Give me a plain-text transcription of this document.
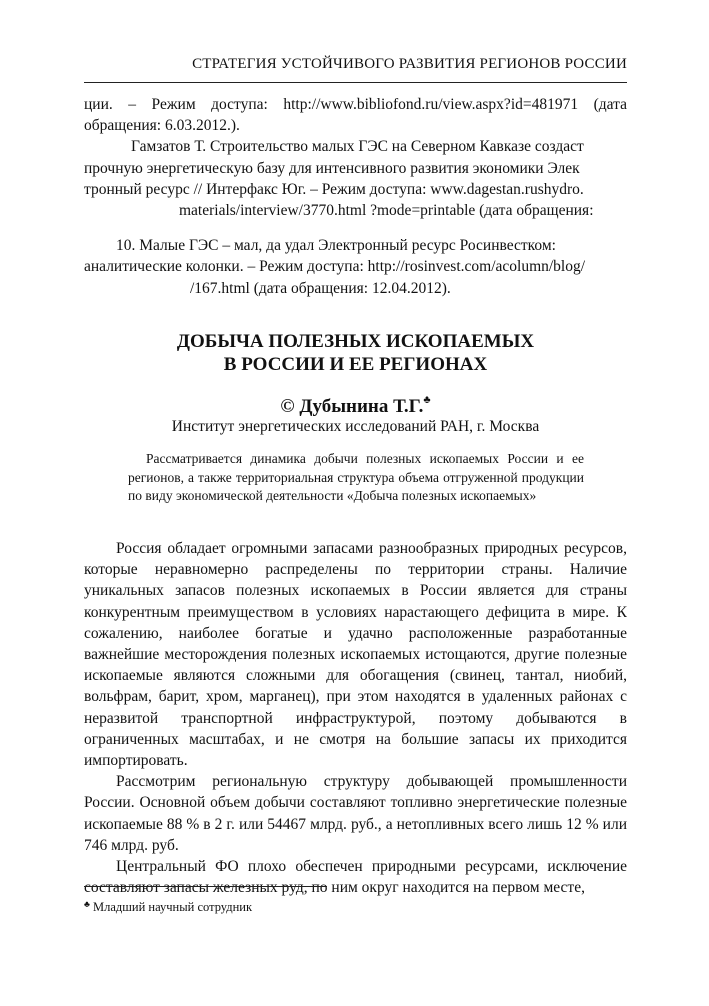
СТРАТЕГИЯ УСТОЙЧИВОГО РАЗВИТИЯ РЕГИОНОВ РОССИИ
ции. – Режим доступа: http://www.bibliofond.ru/view.aspx?id=481971 (дата
обращения: 6.03.2012.).
Гамзатов Т. Строительство малых ГЭС на Северном Кавказе создаст
прочную энергетическую базу для интенсивного развития экономики Элек
тронный ресурс // Интерфакс Юг. – Режим доступа: www.dagestan.rushydro.
materials/interview/3770.html ?mode=printable (дата обращения:
10. Малые ГЭС – мал, да удал Электронный ресурс Росинвестком:
аналитические колонки. – Режим доступа: http://rosinvest.com/acolumn/blog/
/167.html (дата обращения: 12.04.2012).
ДОБЫЧА ПОЛЕЗНЫХ ИСКОПАЕМЫХ
В РОССИИ И ЕЕ РЕГИОНАХ
© Дубынина Т.Г.♣
Институт энергетических исследований РАН, г. Москва
Рассматривается динамика добычи полезных ископаемых России и ее регионов, а также территориальная структура объема отгруженной продукции по виду экономической деятельности «Добыча полезных ископаемых»

Россия обладает огромными запасами разнообразных природных ресурсов, которые неравномерно распределены по территории страны. Наличие уникальных запасов полезных ископаемых в России является для страны конкурентным преимуществом в условиях нарастающего дефицита в мире. К сожалению, наиболее богатые и удачно расположенные разработанные важнейшие месторождения полезных ископаемых истощаются, другие полезные ископаемые являются сложными для обогащения (свинец, тантал, ниобий, вольфрам, барит, хром, марганец), при этом находятся в удаленных районах с неразвитой транспортной инфраструктурой, поэтому добываются в ограниченных масштабах, и не смотря на большие запасы их приходится импортировать.

Рассмотрим региональную структуру добывающей промышленности России. Основной объем добычи составляют топливно энергетические полезные ископаемые 88 % в 2 г. или 54467 млрд. руб., а нетопливных всего лишь 12 % или 746 млрд. руб.

Центральный ФО плохо обеспечен природными ресурсами, исключение составляют запасы железных руд, по ним округ находится на первом месте,

♣ Младший научный сотрудник
